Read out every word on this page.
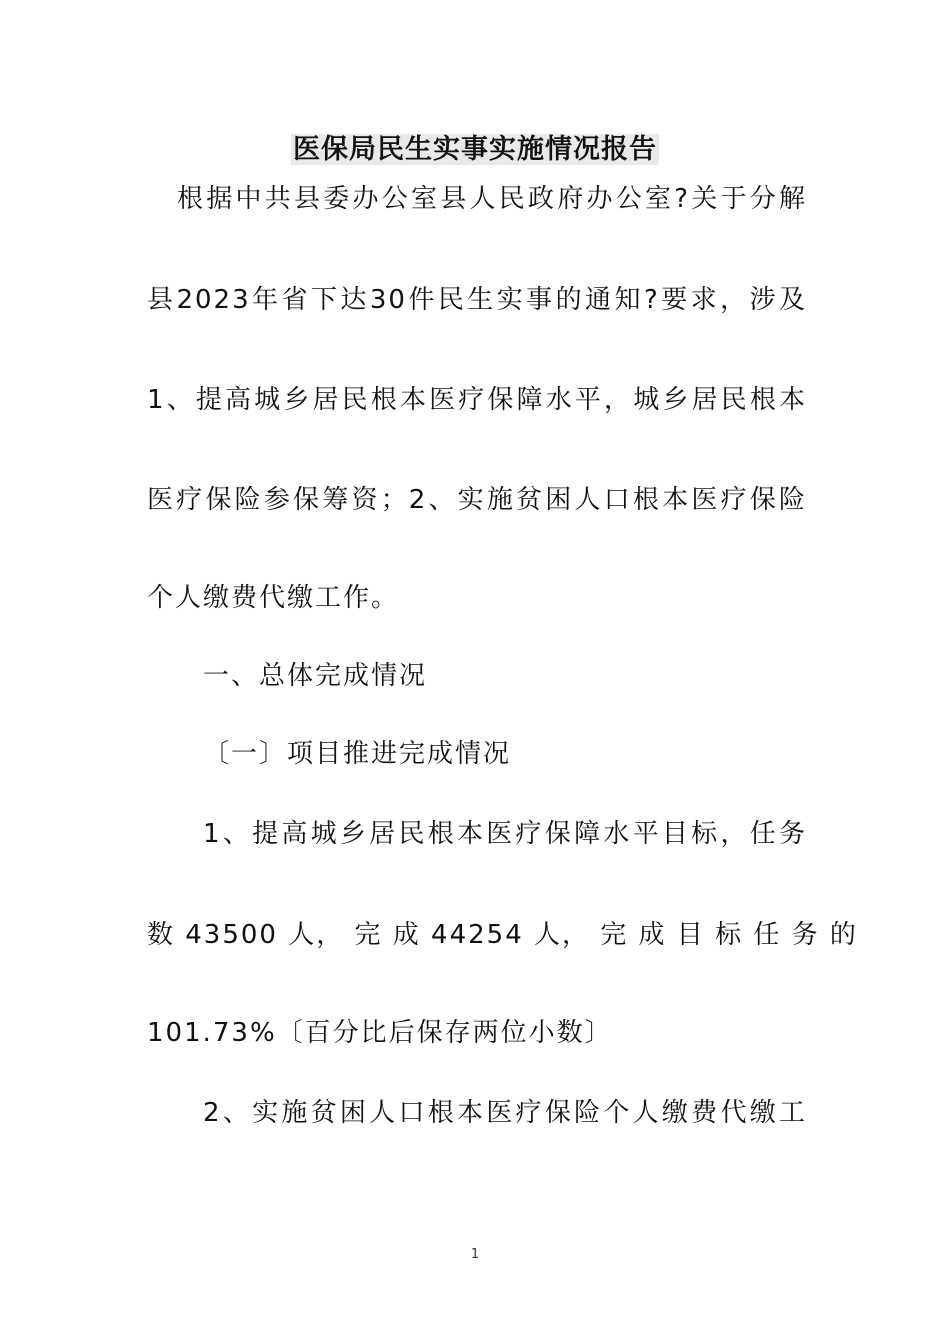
医保局民生实事实施情况报告
根据中共县委办公室县人民政府办公室?关于分解
县2023年省下达30件民生实事的通知?要求，涉及
1、提高城乡居民根本医疗保障水平，城乡居民根本
医疗保险参保筹资；2、实施贫困人口根本医疗保险
个人缴费代缴工作。
一、总体完成情况
〔一〕项目推进完成情况
1、提高城乡居民根本医疗保障水平目标，任务
数 43500 人， 完 成 44254 人， 完 成 目 标 任 务 的
101.73%〔百分比后保存两位小数〕
2、实施贫困人口根本医疗保险个人缴费代缴工
1
